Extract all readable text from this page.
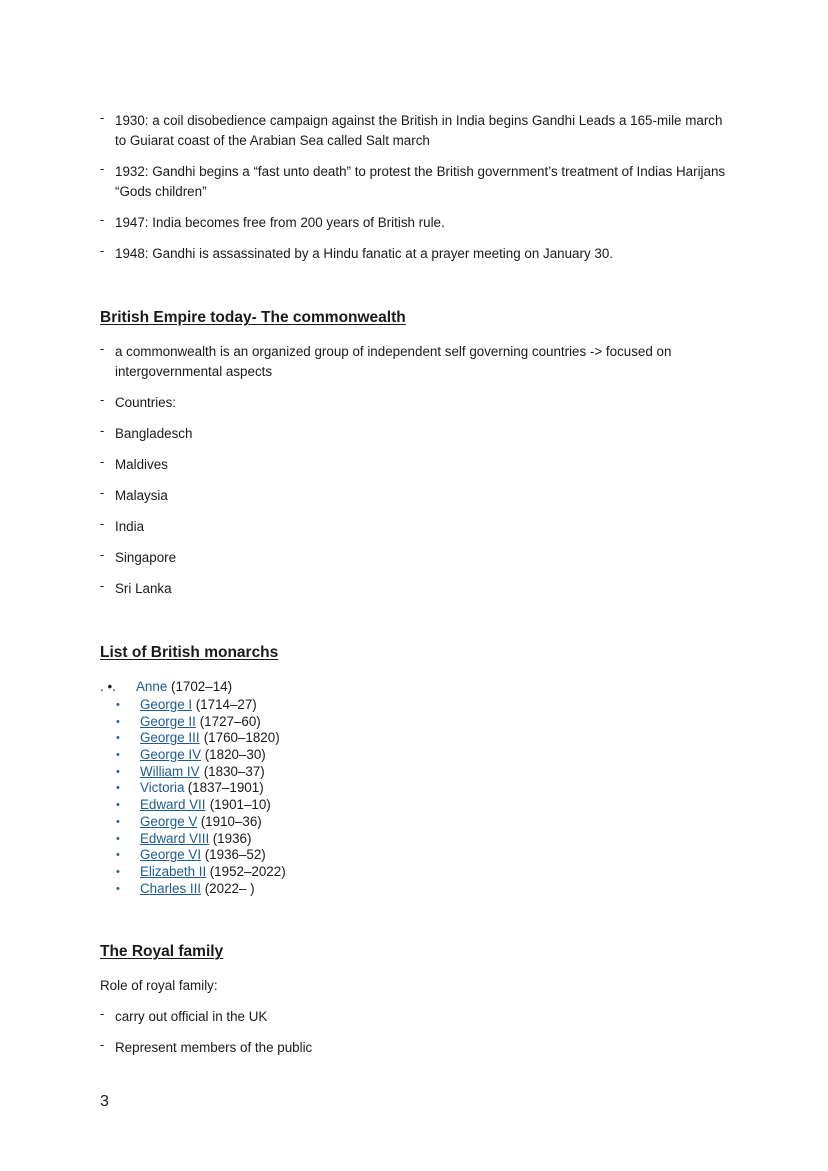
- 1930: a coil disobedience campaign against the British in India begins Gandhi Leads a 165-mile march to Guiarat coast of the Arabian Sea called Salt march
- 1932: Gandhi begins a “fast unto death” to protest the British government’s treatment of Indias Harijans “Gods children”
- 1947: India becomes free from 200 years of British rule.
- 1948: Gandhi is assassinated by a Hindu fanatic at a prayer meeting on January 30.
British Empire today- The commonwealth
- a commonwealth is an organized group of independent self governing countries -> focused on intergovernmental aspects
- Countries:
- Bangladesch
- Maldives
- Malaysia
- India
- Singapore
- Sri Lanka
List of British monarchs
. •. Anne (1702–14)
• George I (1714–27)
• George II (1727–60)
• George III (1760–1820)
• George IV (1820–30)
• William IV (1830–37)
• Victoria (1837–1901)
• Edward VII (1901–10)
• George V (1910–36)
• Edward VIII (1936)
• George VI (1936–52)
• Elizabeth II (1952–2022)
• Charles III (2022– )
The Royal family

Role of royal family:

- carry out official in the UK
- Represent members of the public

3
